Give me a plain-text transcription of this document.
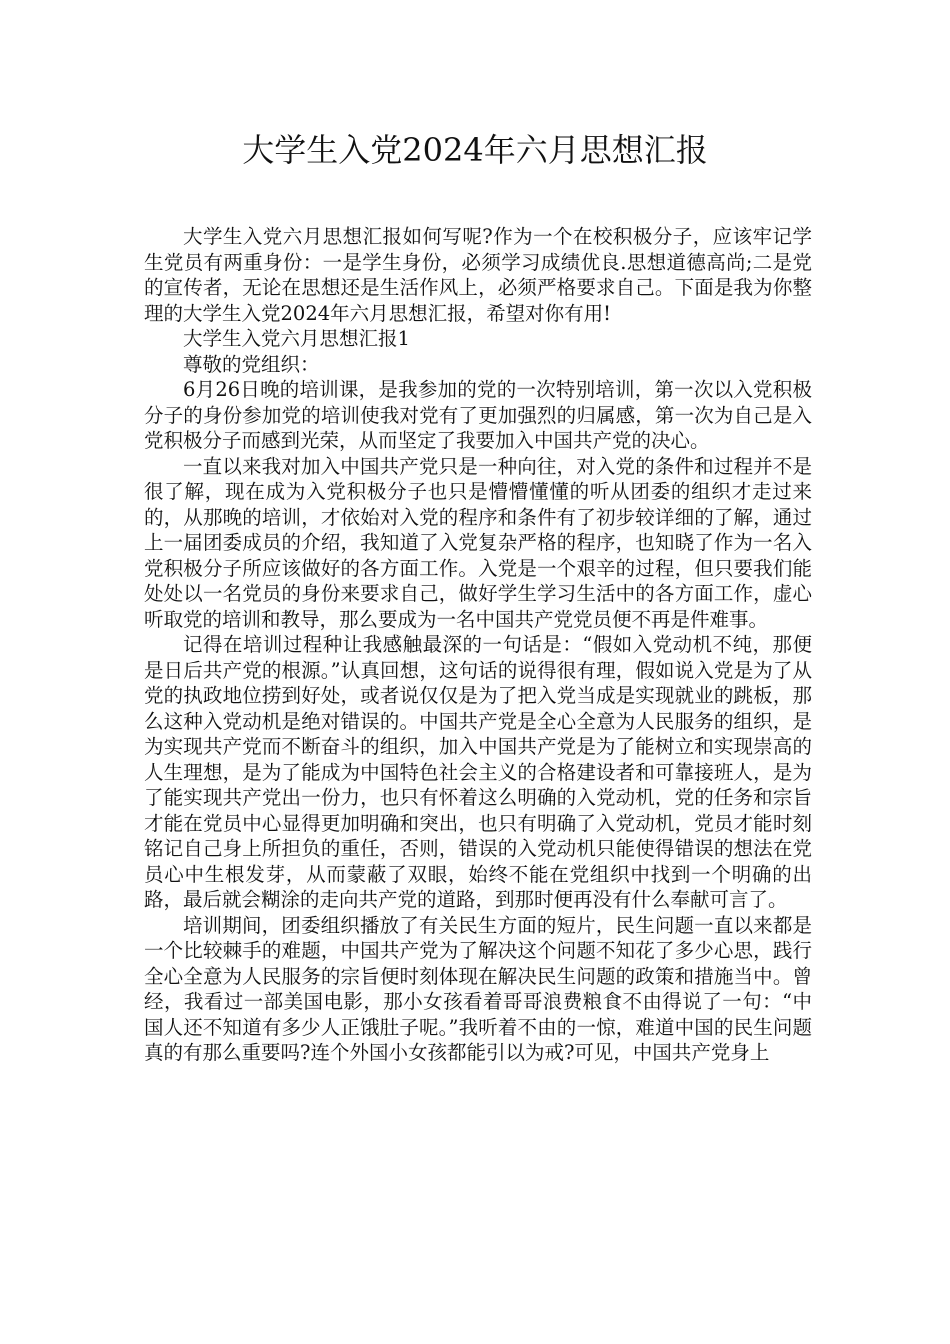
大学生入党2024年六月思想汇报

大学生入党六月思想汇报如何写呢?作为一个在校积极分子，应该牢记学生党员有两重身份：一是学生身份，必须学习成绩优良.思想道德高尚;二是党的宣传者，无论在思想还是生活作风上，必须严格要求自己。下面是我为你整理的大学生入党2024年六月思想汇报，希望对你有用!

大学生入党六月思想汇报1

尊敬的党组织：

6月26日晚的培训课，是我参加的党的一次特别培训，第一次以入党积极分子的身份参加党的培训使我对党有了更加强烈的归属感，第一次为自己是入党积极分子而感到光荣，从而坚定了我要加入中国共产党的决心。

一直以来我对加入中国共产党只是一种向往，对入党的条件和过程并不是很了解，现在成为入党积极分子也只是懵懵懂懂的听从团委的组织才走过来的，从那晚的培训，才依始对入党的程序和条件有了初步较详细的了解，通过上一届团委成员的介绍，我知道了入党复杂严格的程序，也知晓了作为一名入党积极分子所应该做好的各方面工作。入党是一个艰辛的过程，但只要我们能处处以一名党员的身份来要求自己，做好学生学习生活中的各方面工作，虚心听取党的培训和教导，那么要成为一名中国共产党党员便不再是件难事。

记得在培训过程种让我感触最深的一句话是：“假如入党动机不纯，那便是日后共产党的根源。”认真回想，这句话的说得很有理，假如说入党是为了从党的执政地位捞到好处，或者说仅仅是为了把入党当成是实现就业的跳板，那么这种入党动机是绝对错误的。中国共产党是全心全意为人民服务的组织，是为实现共产党而不断奋斗的组织，加入中国共产党是为了能树立和实现崇高的人生理想，是为了能成为中国特色社会主义的合格建设者和可靠接班人，是为了能实现共产党出一份力，也只有怀着这么明确的入党动机，党的任务和宗旨才能在党员中心显得更加明确和突出，也只有明确了入党动机，党员才能时刻铭记自己身上所担负的重任，否则，错误的入党动机只能使得错误的想法在党员心中生根发芽，从而蒙蔽了双眼，始终不能在党组织中找到一个明确的出路，最后就会糊涂的走向共产党的道路，到那时便再没有什么奉献可言了。

培训期间，团委组织播放了有关民生方面的短片，民生问题一直以来都是一个比较棘手的难题，中国共产党为了解决这个问题不知花了多少心思，践行全心全意为人民服务的宗旨便时刻体现在解决民生问题的政策和措施当中。曾经，我看过一部美国电影，那小女孩看着哥哥浪费粮食不由得说了一句：“中国人还不知道有多少人正饿肚子呢。”我听着不由的一惊，难道中国的民生问题真的有那么重要吗?连个外国小女孩都能引以为戒?可见，中国共产党身上
